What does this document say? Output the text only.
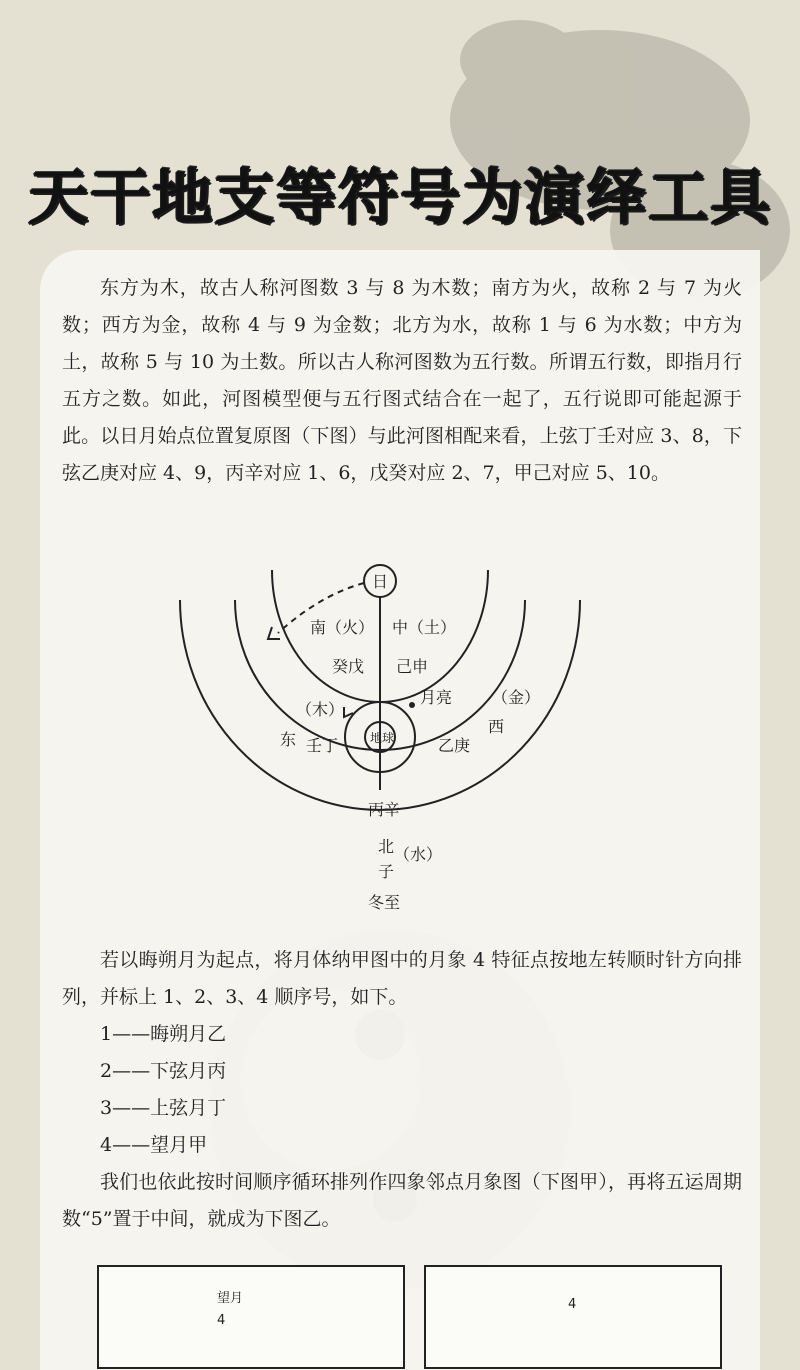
天干地支等符号为演绎工具

东方为木，故古人称河图数 3 与 8 为木数；南方为火，故称 2 与 7 为火数；西方为金，故称 4 与 9 为金数；北方为水，故称 1 与 6 为水数；中方为土，故称 5 与 10 为土数。所以古人称河图数为五行数。所谓五行数，即指月行五方之数。如此，河图模型便与五行图式结合在一起了，五行说即可能起源于此。以日月始点位置复原图（下图）与此河图相配来看，上弦丁壬对应 3、8，下弦乙庚对应 4、9，丙辛对应 1、6，戊癸对应 2、7，甲己对应 5、10。

日
南（火） 中（土）
癸戊 己申
月亮
（木）
（金）
西
东 壬丁	地球	乙庚
丙辛
北 （水）
子
冬至

若以晦朔月为起点，将月体纳甲图中的月象 4 特征点按地左转顺时针方向排列，并标上 1、2、3、4 顺序号，如下。

1——晦朔月乙

2——下弦月丙

3——上弦月丁

4——望月甲

我们也依此按时间顺序循环排列作四象邻点月象图（下图甲），再将五运周期数“5”置于中间，就成为下图乙。

望月
4
4
